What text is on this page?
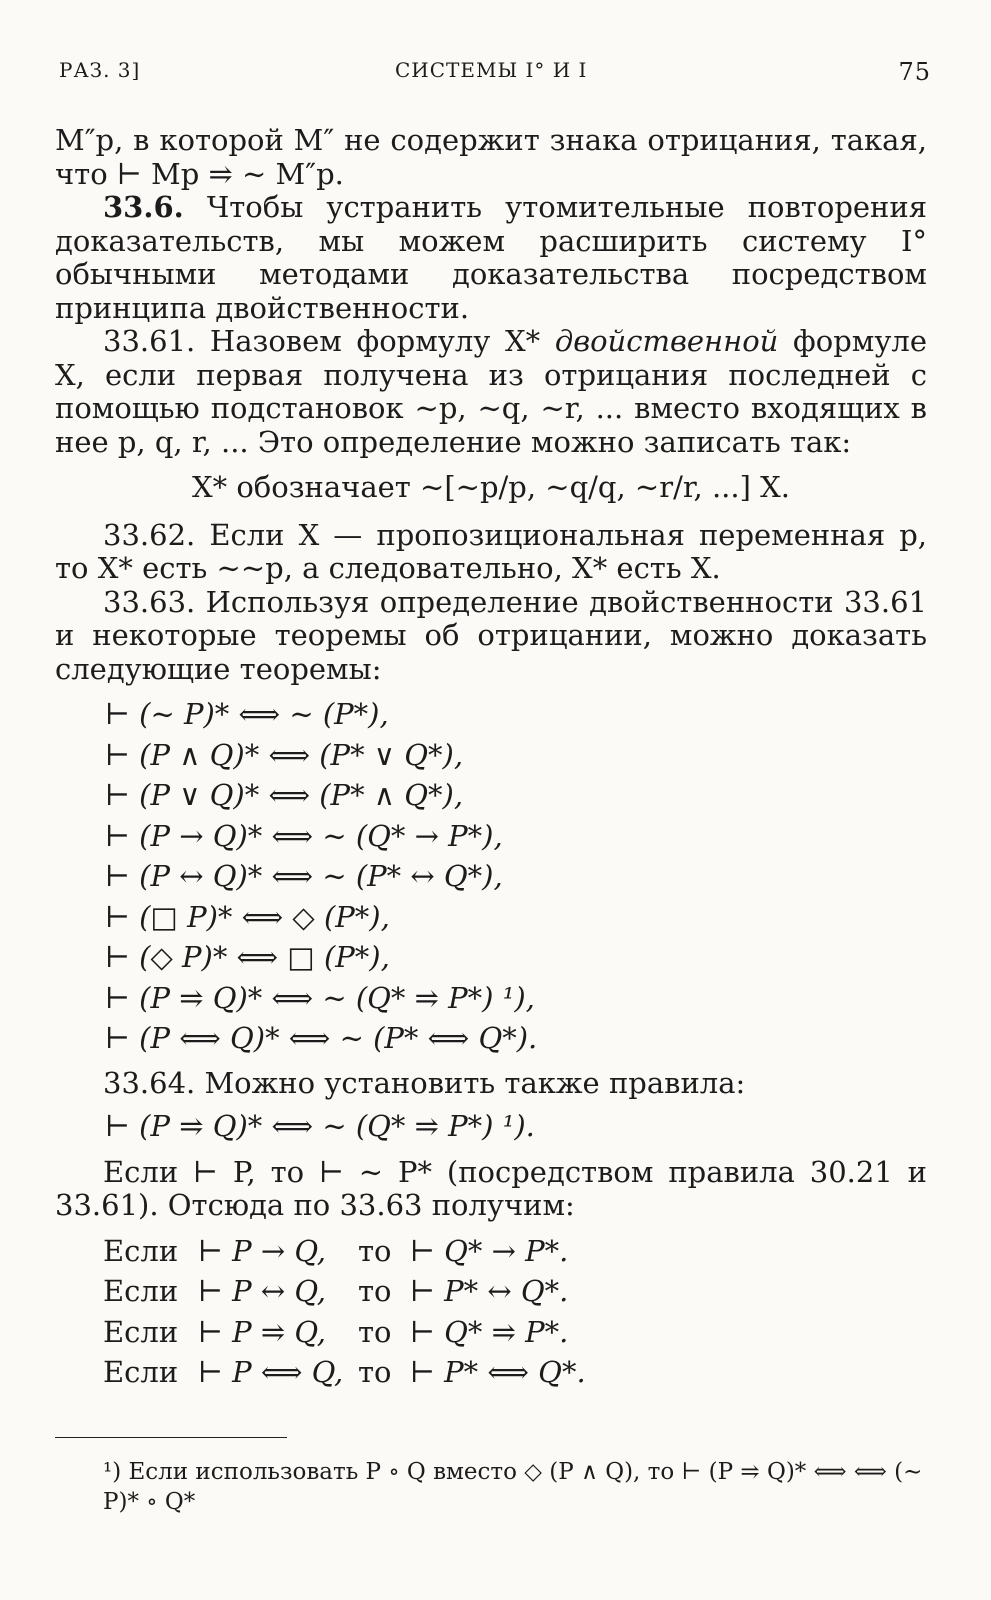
РАЗ. 3]	СИСТЕМЫ I° И I	75

M″p, в которой M″ не содержит знака отрицания, такая, что ⊢ Mp ⥤ ∼ M″p.

33.6. Чтобы устранить утомительные повторения доказательств, мы можем расширить систему I° обычными методами доказательства посредством принципа двойственности.

33.61. Назовем формулу X* двойственной формуле X, если первая получена из отрицания последней с помощью подстановок ∼p, ∼q, ∼r, ... вместо входящих в нее p, q, r, ... Это определение можно записать так:

X* обозначает ∼[∼p/p, ∼q/q, ∼r/r, ...] X.

33.62. Если X — пропозициональная переменная p, то X* есть ∼∼p, а следовательно, X* есть X.

33.63. Используя определение двойственности 33.61 и некоторые теоремы об отрицании, можно доказать следующие теоремы:

⊢ (∼ P)* ⟺ ∼ (P*),
⊢ (P ∧ Q)* ⟺ (P* ∨ Q*),
⊢ (P ∨ Q)* ⟺ (P* ∧ Q*),
⊢ (P → Q)* ⟺ ∼ (Q* → P*),
⊢ (P ↔ Q)* ⟺ ∼ (P* ↔ Q*),
⊢ (□ P)* ⟺ ◇ (P*),
⊢ (◇ P)* ⟺ □ (P*),
⊢ (P ⥤ Q)* ⟺ ∼ (Q* ⥤ P*) ¹),
⊢ (P ⟺ Q)* ⟺ ∼ (P* ⟺ Q*).

33.64. Можно установить также правила:

⊢ (P ⥤ Q)* ⟺ ∼ (Q* ⥤ P*) ¹).

Если ⊢ P, то ⊢ ∼ P* (посредством правила 30.21 и 33.61). Отсюда по 33.63 получим:

Если ⊢ P → Q, то ⊢ Q* → P*.
Если ⊢ P ↔ Q, то ⊢ P* ↔ Q*.
Если ⊢ P ⥤ Q, то ⊢ Q* ⥤ P*.
Если ⊢ P ⟺ Q, то ⊢ P* ⟺ Q*.
¹) Если использовать P ∘ Q вместо ◇ (P ∧ Q), то ⊢ (P ⥤ Q)* ⟺ ⟺ (∼ P)* ∘ Q*
